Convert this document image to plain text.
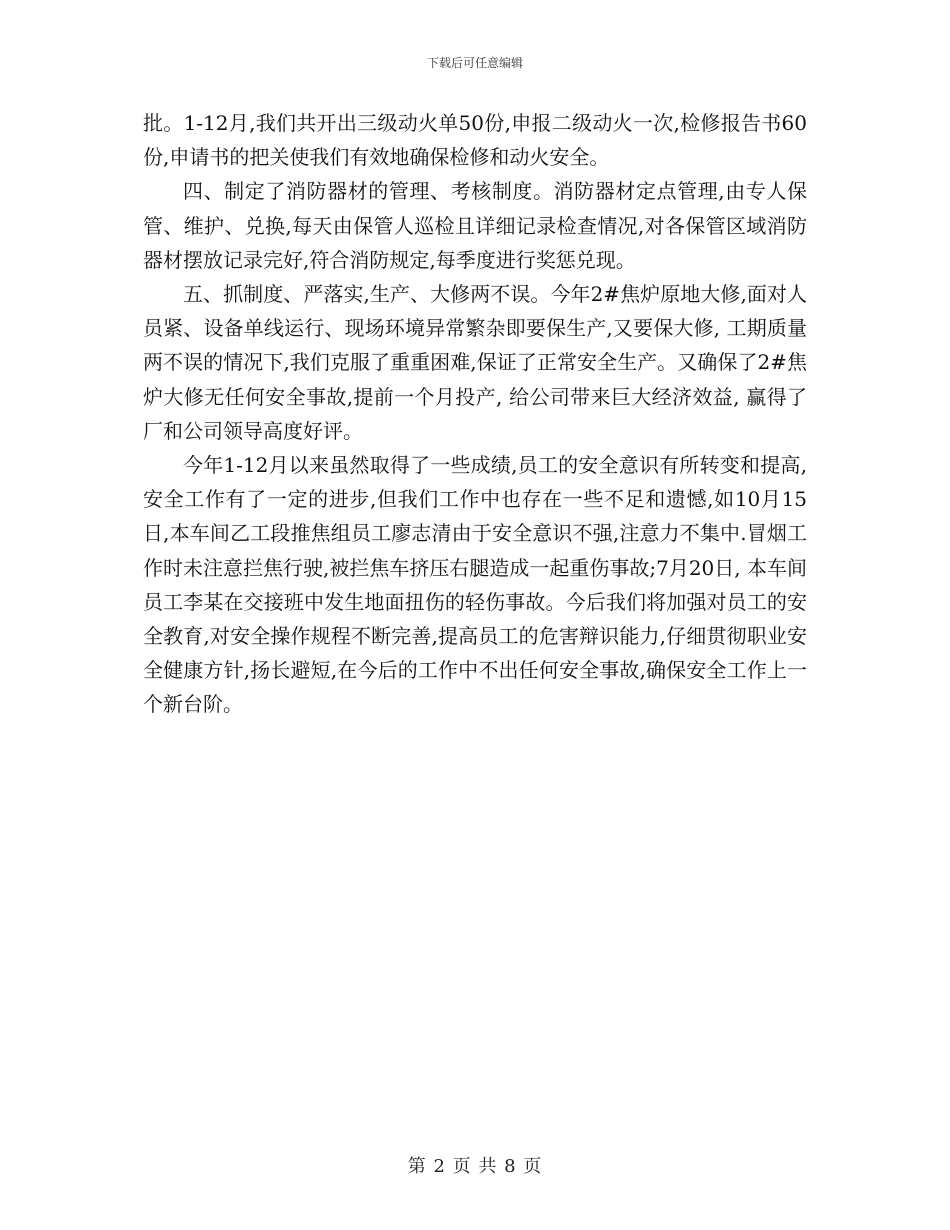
下载后可任意编辑

批。1-12月,我们共开出三级动火单50份,申报二级动火一次,检修报告书60份,申请书的把关使我们有效地确保检修和动火安全。

四、制定了消防器材的管理、考核制度。消防器材定点管理,由专人保管、维护、兑换,每天由保管人巡检且详细记录检查情况,对各保管区域消防器材摆放记录完好,符合消防规定,每季度进行奖惩兑现。

五、抓制度、严落实,生产、大修两不误。今年2#焦炉原地大修,面对人员紧、设备单线运行、现场环境异常繁杂即要保生产,又要保大修, 工期质量两不误的情况下,我们克服了重重困难,保证了正常安全生产。又确保了2#焦炉大修无任何安全事故,提前一个月投产, 给公司带来巨大经济效益, 赢得了厂和公司领导高度好评。

今年1-12月以来虽然取得了一些成绩,员工的安全意识有所转变和提高, 安全工作有了一定的进步,但我们工作中也存在一些不足和遗憾,如10月15日,本车间乙工段推焦组员工廖志清由于安全意识不强,注意力不集中.冒烟工作时未注意拦焦行驶,被拦焦车挤压右腿造成一起重伤事故;7月20日, 本车间员工李某在交接班中发生地面扭伤的轻伤事故。今后我们将加强对员工的安全教育,对安全操作规程不断完善,提高员工的危害辩识能力,仔细贯彻职业安全健康方针,扬长避短,在今后的工作中不出任何安全事故,确保安全工作上一个新台阶。

第 2 页 共 8 页
